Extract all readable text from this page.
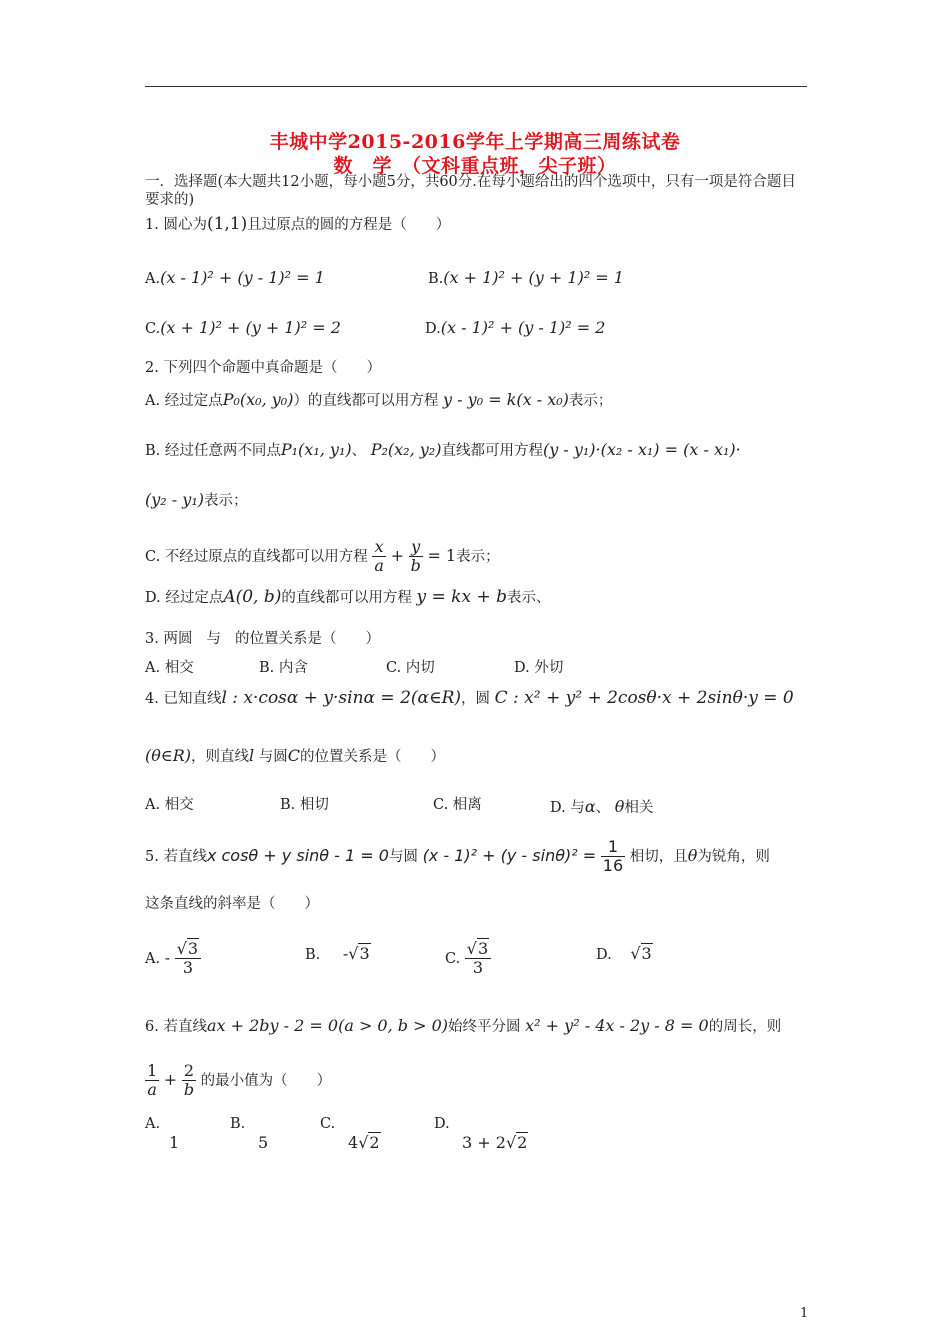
丰城中学2015-2016学年上学期高三周练试卷
数　学　（文科重点班，尖子班）
一．选择题(本大题共12小题，每小题5分，共60分.在每小题给出的四个选项中，只有一项是符合题目要求的)
1. 圆心为(1,1)且过原点的圆的方程是（　　）
A.(x - 1)² + (y - 1)² = 1	B.(x + 1)² + (y + 1)² = 1
C.(x + 1)² + (y + 1)² = 2	D.(x - 1)² + (y - 1)² = 2
2. 下列四个命题中真命题是（　　）
A. 经过定点P₀(x₀, y₀)）的直线都可以用方程 y - y₀ = k(x - x₀)表示；
B. 经过任意两不同点P₁(x₁, y₁)、 P₂(x₂, y₂)直线都可用方程(y - y₁)·(x₂ - x₁) = (x - x₁)·
(y₂ - y₁)表示；
C. 不经过原点的直线都可以用方程 $\frac{x}{a} + \frac{y}{b} = 1$表示；
D. 经过定点A(0, b)的直线都可以用方程 y = kx + b表示、
3. 两圆 与 的位置关系是（　　）
A. 相交	B. 内含	C. 内切	D. 外切
4. 已知直线l : x·cosα + y·sinα = 2(α∈R)，圆 C : x² + y² + 2cosθ·x + 2sinθ·y = 0
(θ∈R)，则直线l 与圆C的位置关系是（　　）
A. 相交	B. 相切	C. 相离	D. 与α、 θ相关
5. 若直线x cosθ + y sinθ - 1 = 0与圆 $(x - 1)^2 + (y - \sin\theta)^2 = \frac{1}{16}$ 相切，且θ为锐角，则
这条直线的斜率是（　　）
A. - $\frac{√3}{3}$	B. -√3	C. $\frac{√3}{3}$	D. √3
6. 若直线ax + 2by - 2 = 0(a > 0, b > 0)始终平分圆 x² + y² - 4x - 2y - 8 = 0的周长，则
$\frac{1}{a} + \frac{2}{b}$ 的最小值为（　　）
A.
1
B.
5
C.
4√2
D.
3 + 2√2
1
